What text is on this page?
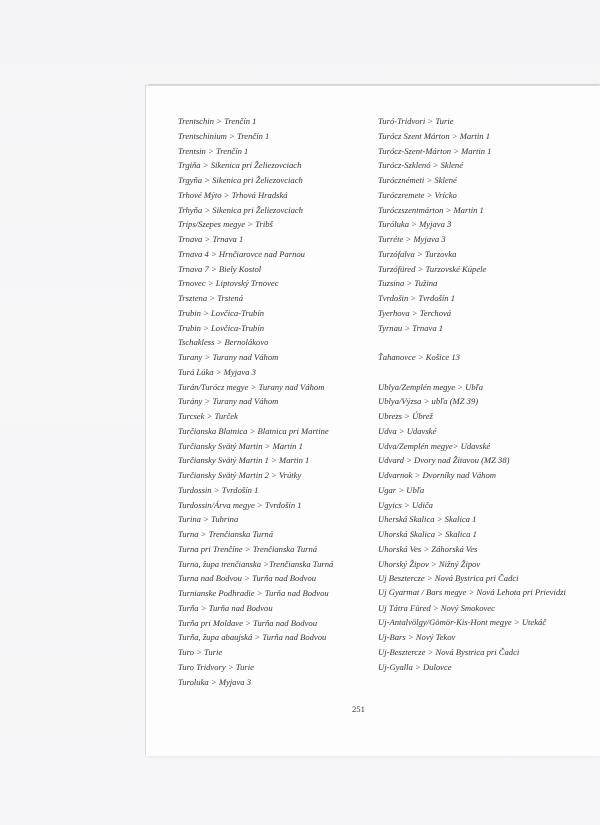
Trentschin > Trenčín 1
Trentschinium > Trenčín 1
Trentsin > Trenčín 1
Trgiňa > Sikenica pri Želiezovciach
Trgyňa > Sikenica pri Želiezovciach
Trhové Mýto > Trhová Hradská
Trhyňa > Sikenica pri Želiezovciach
Trips/Szepes megye > Tribš
Trnava > Trnava 1
Trnava 4 > Hrnčiarovce nad Parnou
Trnava 7 > Biely Kostol
Trnovec > Liptovský Trnovec
Trsztena > Trstená
Trubin > Lovčica-Trubín
Trubin > Lovčica-Trubín
Tschakless > Bernolákovo
Turany > Turany nad Váhom
Turá Lúka > Myjava 3
Turán/Turócz megye > Turany nad Váhom
Turány > Turany nad Váhom
Turcsek > Turček
Turčianska Blatnica > Blatnica pri Martine
Turčiansky Svätý Martin > Martin 1
Turčiansky Svätý Martin 1 > Martin 1
Turčiansky Svätý Martin 2 > Vrútky
Turdossin > Tvrdošín 1
Turdossin/Árva megye > Tvrdošín 1
Turina > Tuhrina
Turna > Trenčianska Turná
Turna pri Trenčíne > Trenčianska Turná
Turna, župa trenčianska >Trenčianska Turná
Turna nad Bodvou > Turňa nad Bodvou
Turnianske Podhradie > Turňa nad Bodvou
Turňa > Turňa nad Bodvou
Turňa pri Moldave > Turňa nad Bodvou
Turňa, župa abaujská > Turňa nad Bodvou
Turo > Turie
Turo Tridvory > Turie
Turoluka > Myjava 3
Turó-Tridvori > Turie
Turócz Szent Márton > Martin 1
Turócz-Szent-Márton > Martin 1
Turócz-Szklenó > Sklené
Turócznémeti > Sklené
Turóczremete > Vrícko
Turóczszentmárton > Martin 1
Turóluka > Myjava 3
Turréte > Myjava 3
Turzófalva > Turzovka
Turzófüred > Turzovské Kúpele
Tuzsina > Tužina
Tvrdošin > Tvrdošín 1
Tyerhova > Terchová
Tyrnau > Trnava 1
Ťahanovce > Košice 13
Ublya/Zemplén megye > Ubľa
Ublya/Výzsa > ubľa (MZ 39)
Ubrezs > Úbrež
Udva > Udavské
Udva/Zemplén megye> Udavské
Udvard > Dvory nad Žitavou (MZ 38)
Udvarnok > Dvorníky nad Váhom
Ugar > Ubľa
Ugyics > Udiča
Uherská Skalica > Skalica 1
Uhorská Skalica > Skalica 1
Uhorská Ves > Záhorská Ves
Uhorský Žipov > Nižný Žipov
Uj Besztercze > Nová Bystrica pri Čadci
Uj Gyarmat / Bars megye > Nová Lehota pri Prievidzi
Uj Tátra Füred > Nový Smokovec
Uj-Antalvölgy/Gömör-Kis-Hont megye > Utekáč
Uj-Bars > Nový Tekov
Uj-Besztercze > Nová Bystrica pri Čadci
Uj-Gyalla > Dulovce
251
